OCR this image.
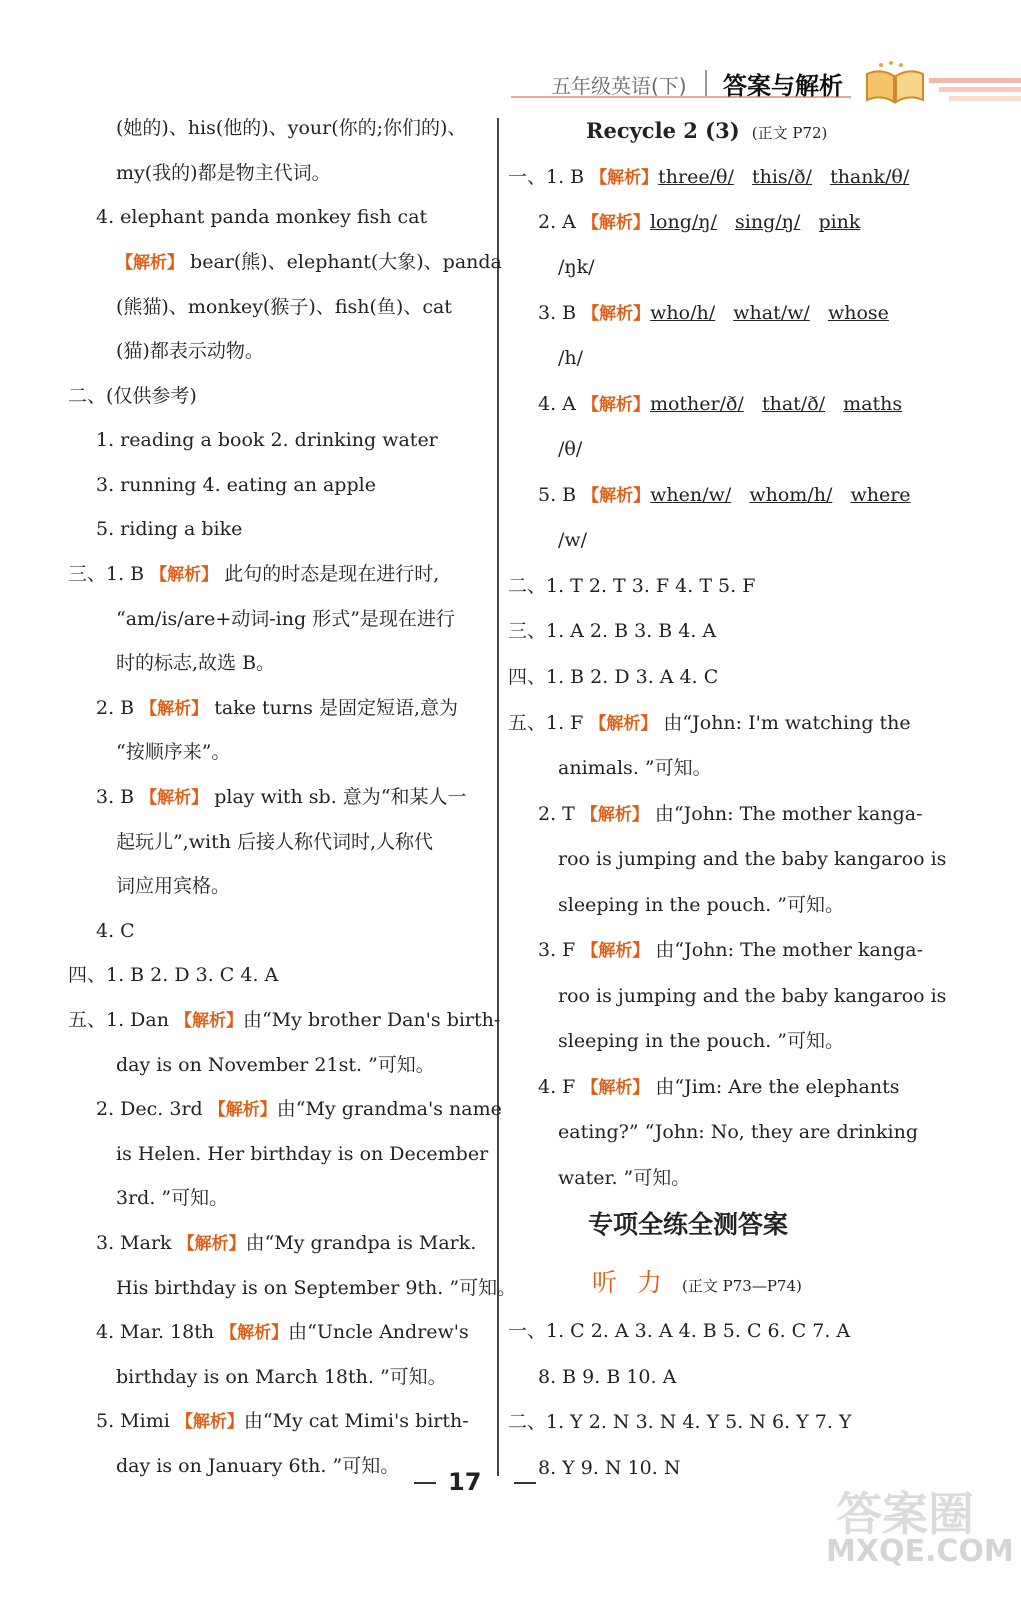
五年级英语(下) 答案与解析
(她的)、his(他的)、your(你的;你们的)、
my(我的)都是物主代词。
4. elephant panda monkey fish cat
【解析】 bear(熊)、elephant(大象)、panda
(熊猫)、monkey(猴子)、fish(鱼)、cat
(猫)都表示动物。
二、(仅供参考)
1. reading a book 2. drinking water
3. running 4. eating an apple
5. riding a bike
三、1. B 【解析】 此句的时态是现在进行时,
“am/is/are+动词-ing 形式”是现在进行
时的标志,故选 B。
2. B 【解析】 take turns 是固定短语,意为
“按顺序来”。
3. B 【解析】 play with sb. 意为“和某人一
起玩儿”,with 后接人称代词时,人称代
词应用宾格。
4. C
四、1. B 2. D 3. C 4. A
五、1. Dan 【解析】由“My brother Dan's birth-
day is on November 21st. ”可知。
2. Dec. 3rd 【解析】由“My grandma's name
is Helen. Her birthday is on December
3rd. ”可知。
3. Mark 【解析】由“My grandpa is Mark.
His birthday is on September 9th. ”可知。
4. Mar. 18th 【解析】由“Uncle Andrew's
birthday is on March 18th. ”可知。
5. Mimi 【解析】由“My cat Mimi's birth-
day is on January 6th. ”可知。
Recycle 2 (3) (正文 P72)
一、1. B 【解析】three/θ/ this/ð/ thank/θ/
2. A 【解析】long/ŋ/ sing/ŋ/ pink
/ŋk/
3. B 【解析】who/h/ what/w/ whose
/h/
4. A 【解析】mother/ð/ that/ð/ maths
/θ/
5. B 【解析】when/w/ whom/h/ where
/w/
二、1. T 2. T 3. F 4. T 5. F
三、1. A 2. B 3. B 4. A
四、1. B 2. D 3. A 4. C
五、1. F 【解析】 由“John: I'm watching the
animals. ”可知。
2. T 【解析】 由“John: The mother kanga-
roo is jumping and the baby kangaroo is
sleeping in the pouch. ”可知。
3. F 【解析】 由“John: The mother kanga-
roo is jumping and the baby kangaroo is
sleeping in the pouch. ”可知。
4. F 【解析】 由“Jim: Are the elephants
eating?” “John: No, they are drinking
water. ”可知。
专项全练全测答案
听力(正文 P73—P74)
一、1. C 2. A 3. A 4. B 5. C 6. C 7. A
8. B 9. B 10. A
二、1. Y 2. N 3. N 4. Y 5. N 6. Y 7. Y
8. Y 9. N 10. N
17
答案圈
MXQE.COM
